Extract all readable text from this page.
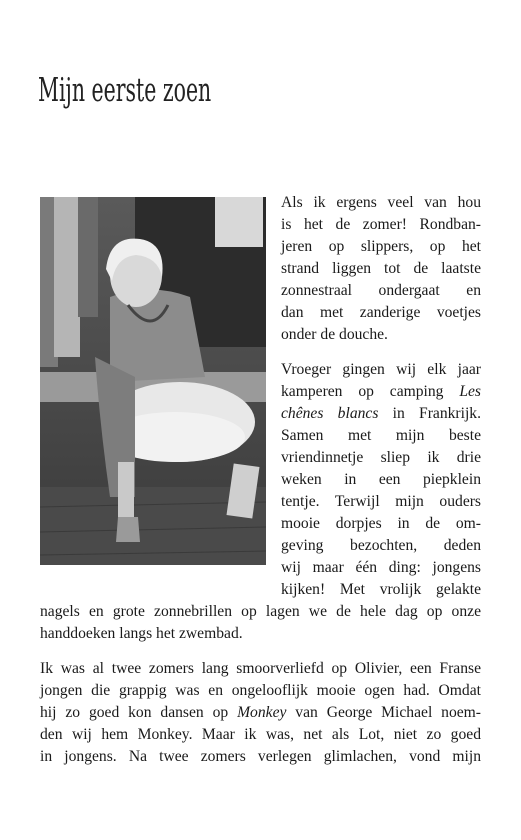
Mijn eerste zoen
Als ik ergens veel van hou
is het de zomer! Rondban-
jeren op slippers, op het
strand liggen tot de laatste
zonnestraal ondergaat en
dan met zanderige voetjes
onder de douche.
Vroeger gingen wij elk jaar
kamperen op camping Les
chênes blancs in Frankrijk.
Samen met mijn beste
vriendinnetje sliep ik drie
weken in een piepklein
tentje. Terwijl mijn ouders
mooie dorpjes in de om-
geving bezochten, deden
wij maar één ding: jongens
kijken! Met vrolijk gelakte
nagels en grote zonnebrillen op lagen we de hele dag op onze
handdoeken langs het zwembad.
Ik was al twee zomers lang smoorverliefd op Olivier, een Franse
jongen die grappig was en ongelooflijk mooie ogen had. Omdat
hij zo goed kon dansen op Monkey van George Michael noem-
den wij hem Monkey. Maar ik was, net als Lot, niet zo goed
in jongens. Na twee zomers verlegen glimlachen, vond mijn
